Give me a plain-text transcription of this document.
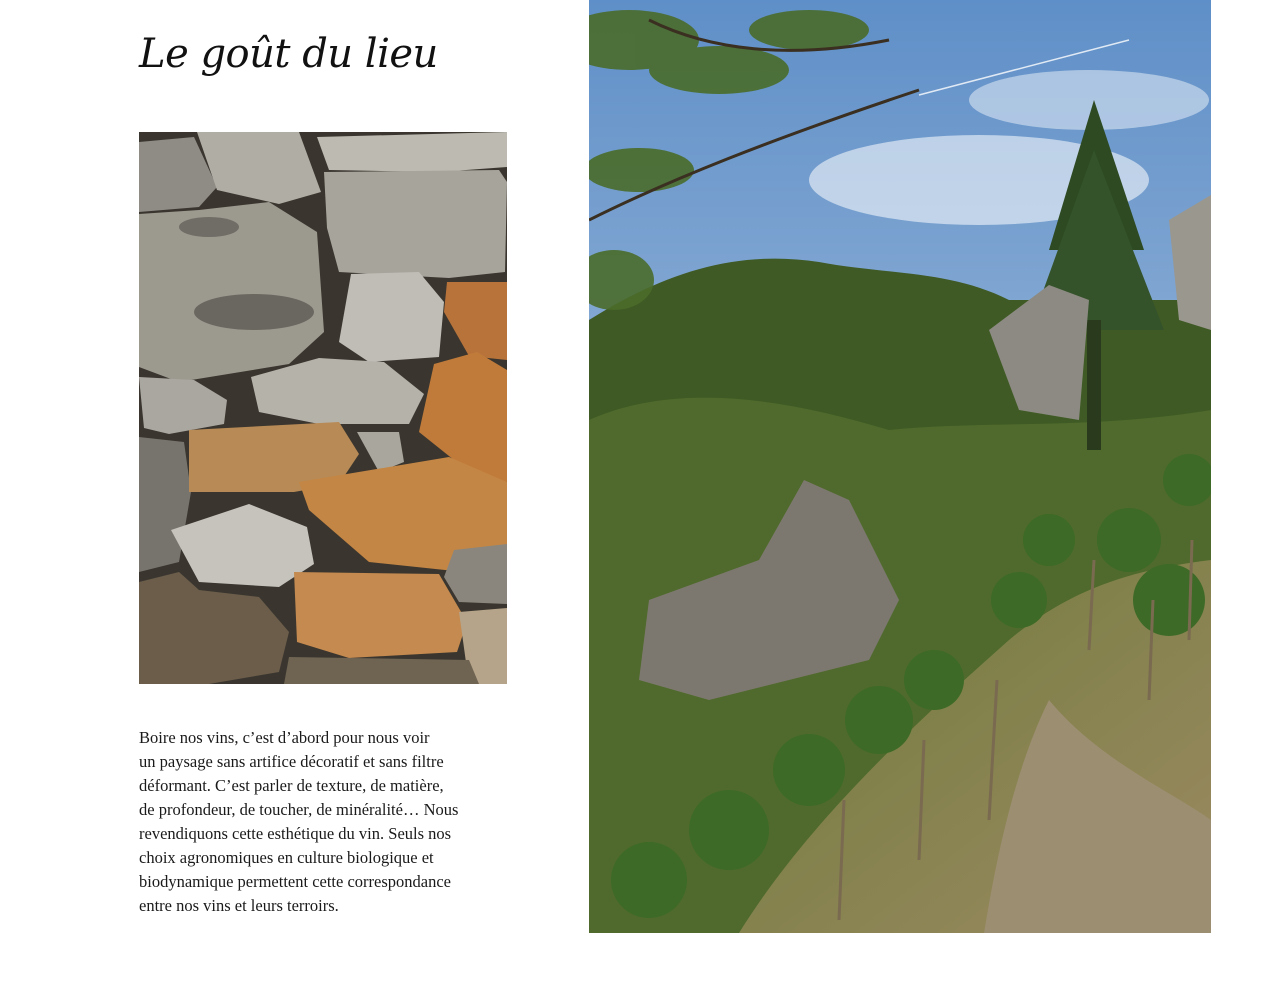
Le goût du lieu

Boire nos vins, c’est d’abord pour nous voir
un paysage sans artifice décoratif et sans filtre
déformant. C’est parler de texture, de matière,
de profondeur, de toucher, de minéralité… Nous
revendiquons cette esthétique du vin. Seuls nos
choix agronomiques en culture biologique et
biodynamique permettent cette correspondance
entre nos vins et leurs terroirs.
